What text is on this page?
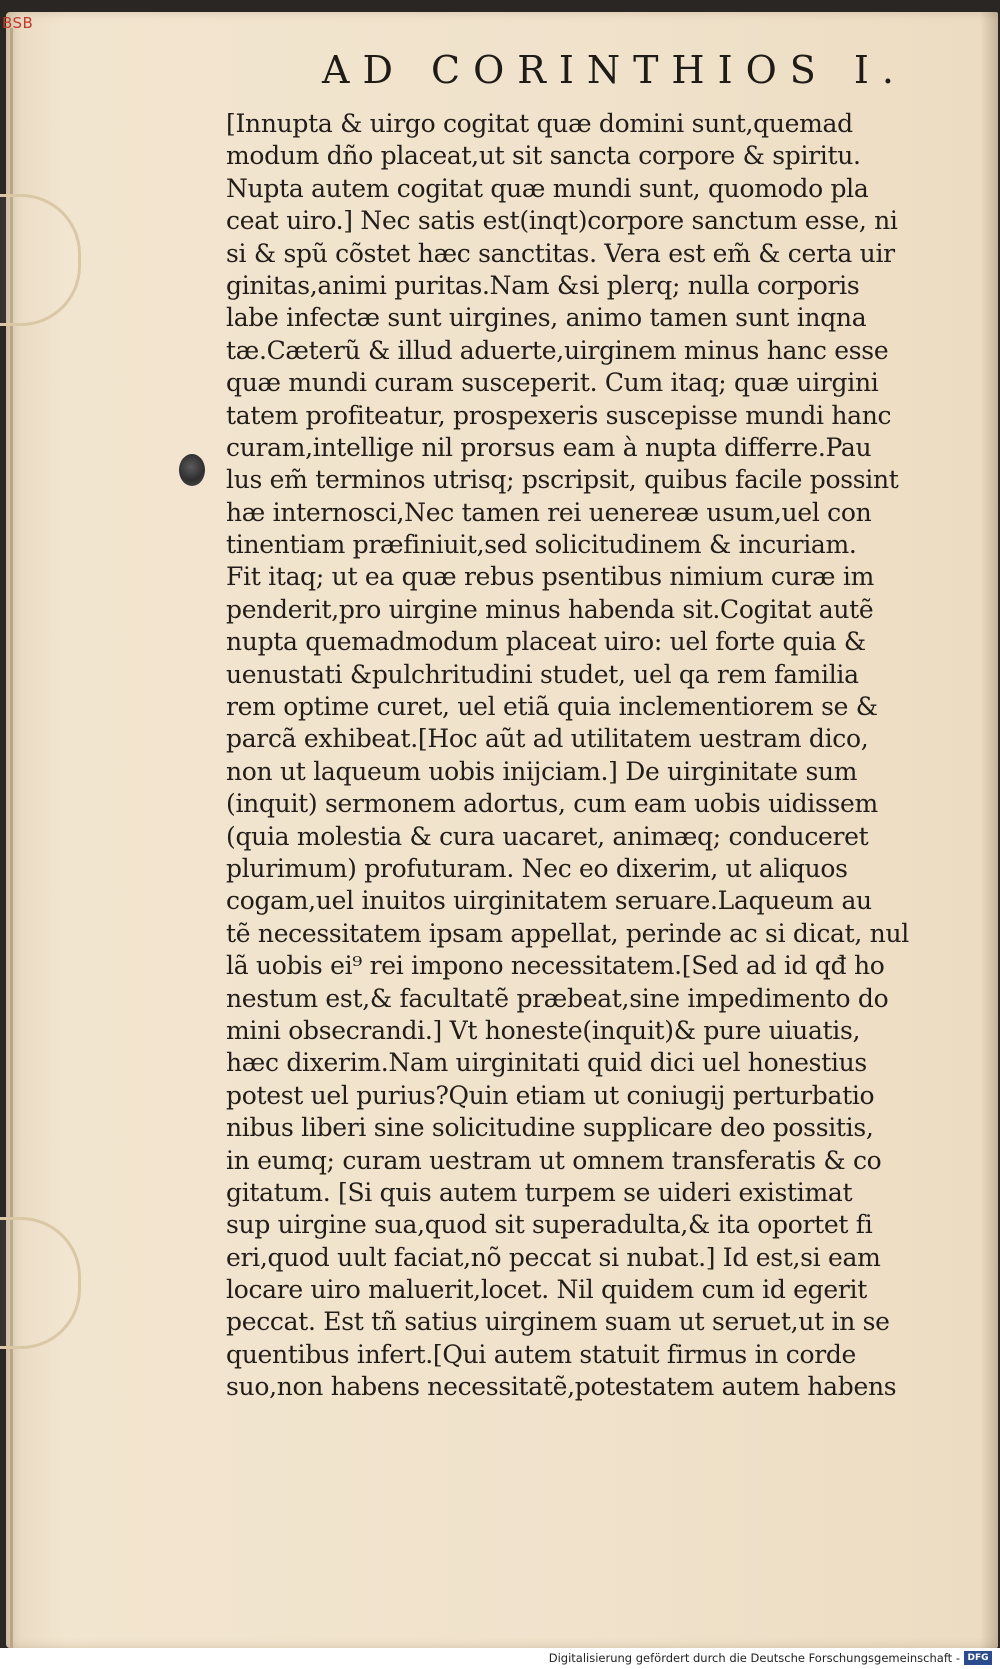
BSB
AD CORINTHIOS I.
[Innupta & uirgo cogitat quæ domini sunt,quemad
modum dño placeat,ut sit sancta corpore & spiritu.
Nupta autem cogitat quæ mundi sunt, quomodo pla
ceat uiro.] Nec satis est(inqt)corpore sanctum esse, ni
si & spũ cõstet hæc sanctitas. Vera est em̃ & certa uir
ginitas,animi puritas.Nam &si plerq; nulla corporis
labe infectæ sunt uirgines, animo tamen sunt inqna
tæ.Cæterũ & illud aduerte,uirginem minus hanc esse
quæ mundi curam susceperit. Cum itaq; quæ uirgini
tatem profiteatur, prospexeris suscepisse mundi hanc
curam,intellige nil prorsus eam à nupta differre.Pau
lus em̃ terminos utrisq; pscripsit, quibus facile possint
hæ internosci,Nec tamen rei uenereæ usum,uel con
tinentiam præfiniuit,sed solicitudinem & incuriam.
Fit itaq; ut ea quæ rebus psentibus nimium curæ im
penderit,pro uirgine minus habenda sit.Cogitat autẽ
nupta quemadmodum placeat uiro: uel forte quia &
uenustati &pulchritudini studet, uel qa rem familia
rem optime curet, uel etiã quia inclementiorem se &
parcã exhibeat.[Hoc aũt ad utilitatem uestram dico,
non ut laqueum uobis inijciam.] De uirginitate sum
(inquit) sermonem adortus, cum eam uobis uidissem
(quia molestia & cura uacaret, animæq; conduceret
plurimum) profuturam. Nec eo dixerim, ut aliquos
cogam,uel inuitos uirginitatem seruare.Laqueum au
tẽ necessitatem ipsam appellat, perinde ac si dicat, nul
lã uobis ei⁹ rei impono necessitatem.[Sed ad id qđ ho
nestum est,& facultatẽ præbeat,sine impedimento do
mini obsecrandi.] Vt honeste(inquit)& pure uiuatis,
hæc dixerim.Nam uirginitati quid dici uel honestius
potest uel purius?Quin etiam ut coniugij perturbatio
nibus liberi sine solicitudine supplicare deo possitis,
in eumq; curam uestram ut omnem transferatis & co
gitatum. [Si quis autem turpem se uideri existimat
sup uirgine sua,quod sit superadulta,& ita oportet fi
eri,quod uult faciat,nõ peccat si nubat.] Id est,si eam
locare uiro maluerit,locet. Nil quidem cum id egerit
peccat. Est tñ satius uirginem suam ut seruet,ut in se
quentibus infert.[Qui autem statuit firmus in corde
suo,non habens necessitatẽ,potestatem autem habens
Digitalisierung gefördert durch die Deutsche Forschungsgemeinschaft - DFG
